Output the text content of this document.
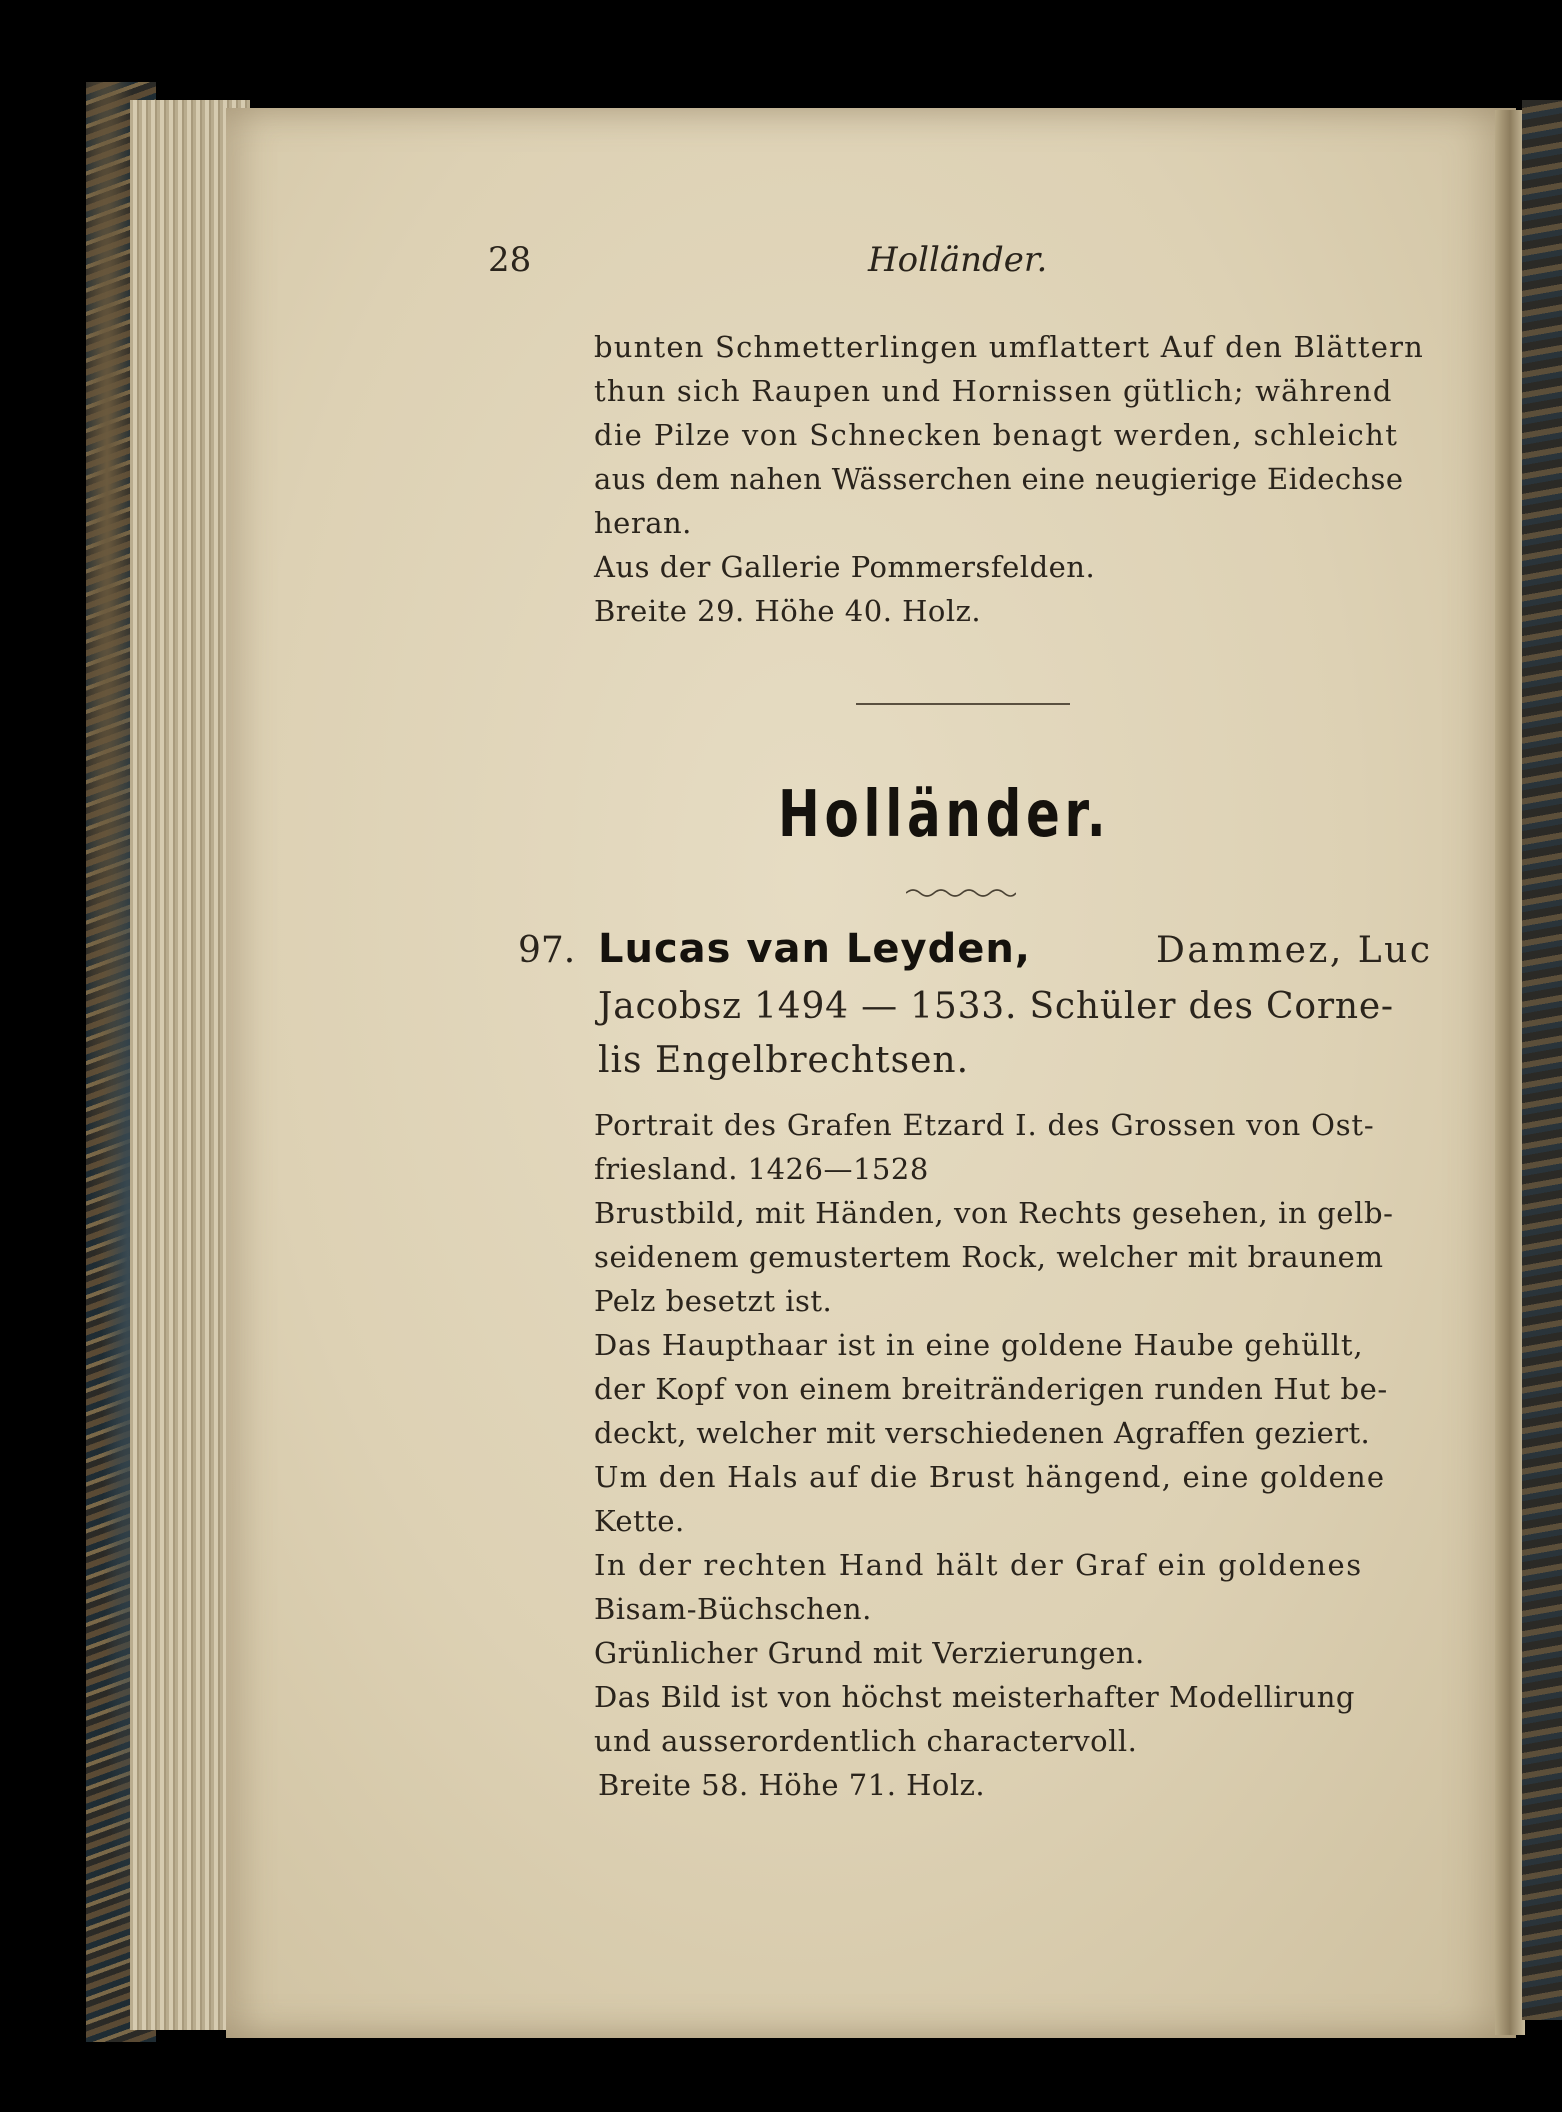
28	Holländer.
bunten Schmetterlingen umflattert Auf den Blättern
thun sich Raupen und Hornissen gütlich; während
die Pilze von Schnecken benagt werden, schleicht
aus dem nahen Wässerchen eine neugierige Eidechse
heran.
Aus der Gallerie Pommersfelden.
Breite 29. Höhe 40. Holz.
Holländer.
97. Lucas van Leyden,	Dammez, Luc
Jacobsz 1494 — 1533. Schüler des Corne-
lis Engelbrechtsen.
Portrait des Grafen Etzard I. des Grossen von Ost-
friesland. 1426—1528
Brustbild, mit Händen, von Rechts gesehen, in gelb-
seidenem gemustertem Rock, welcher mit braunem
Pelz besetzt ist.
Das Haupthaar ist in eine goldene Haube gehüllt,
der Kopf von einem breitränderigen runden Hut be-
deckt, welcher mit verschiedenen Agraffen geziert.
Um den Hals auf die Brust hängend, eine goldene
Kette.
In der rechten Hand hält der Graf ein goldenes
Bisam-Büchschen.
Grünlicher Grund mit Verzierungen.
Das Bild ist von höchst meisterhafter Modellirung
und ausserordentlich charactervoll.
Breite 58. Höhe 71. Holz.
